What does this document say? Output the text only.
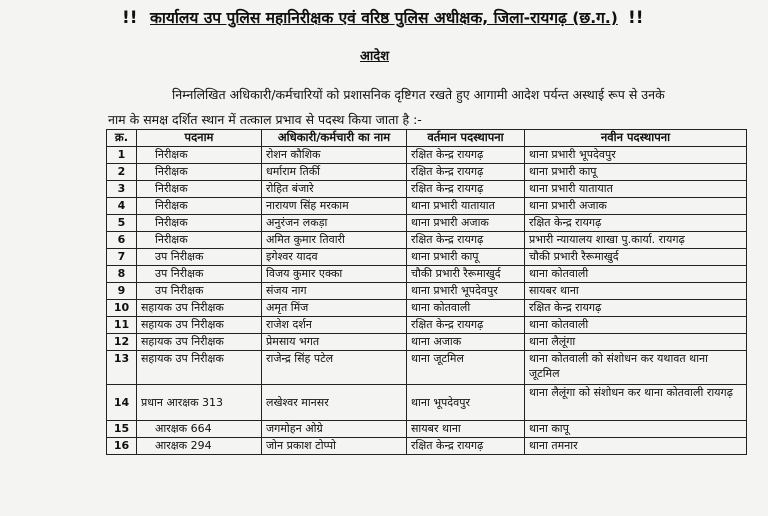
!! कार्यालय उप पुलिस महानिरीक्षक एवं वरिष्ठ पुलिस अधीक्षक, जिला-रायगढ़ (छ.ग.) !!
आदेश
निम्नलिखित अधिकारी/कर्मचारियों को प्रशासनिक दृष्टिगत रखते हुए आगामी आदेश पर्यन्त अस्थाई रूप से उनके
नाम के समक्ष दर्शित स्थान में तत्काल प्रभाव से पदस्थ किया जाता है :-
क्र.	पदनाम	अधिकारी/कर्मचारी का नाम	वर्तमान पदस्थापना	नवीन पदस्थापना
1	निरीक्षक	रोशन कौशिक	रक्षित केन्द्र रायगढ़	थाना प्रभारी भूपदेवपुर
2	निरीक्षक	धर्माराम तिर्की	रक्षित केन्द्र रायगढ़	थाना प्रभारी कापू
3	निरीक्षक	रोहित बंजारे	रक्षित केन्द्र रायगढ़	थाना प्रभारी यातायात
4	निरीक्षक	नारायण सिंह मरकाम	थाना प्रभारी यातायात	थाना प्रभारी अजाक
5	निरीक्षक	अनुरंजन लकड़ा	थाना प्रभारी अजाक	रक्षित केन्द्र रायगढ़
6	निरीक्षक	अमित कुमार तिवारी	रक्षित केन्द्र रायगढ़	प्रभारी न्यायालय शाखा पु.कार्या. रायगढ़
7	उप निरीक्षक	इगेश्वर यादव	थाना प्रभारी कापू	चौकी प्रभारी रैरूमाखुर्द
8	उप निरीक्षक	विजय कुमार एक्का	चौकी प्रभारी रैरूमाखुर्द	थाना कोतवाली
9	उप निरीक्षक	संजय नाग	थाना प्रभारी भूपदेवपुर	सायबर थाना
10	सहायक उप निरीक्षक	अमृत मिंज	थाना कोतवाली	रक्षित केन्द्र रायगढ़
11	सहायक उप निरीक्षक	राजेश दर्शन	रक्षित केन्द्र रायगढ़	थाना कोतवाली
12	सहायक उप निरीक्षक	प्रेमसाय भगत	थाना अजाक	थाना लैलूंगा
13	सहायक उप निरीक्षक	राजेन्द्र सिंह पटेल	थाना जूटमिल	थाना कोतवाली को संशोधन कर यथावत थाना जूटमिल
14	प्रधान आरक्षक 313	लखेश्वर मानसर	थाना भूपदेवपुर	थाना लैलूंगा को संशोधन कर थाना कोतवाली रायगढ़
15	आरक्षक 664	जगमोहन ओग्रे	सायबर थाना	थाना कापू
16	आरक्षक 294	जोन प्रकाश टोप्पो	रक्षित केन्द्र रायगढ़	थाना तमनार
